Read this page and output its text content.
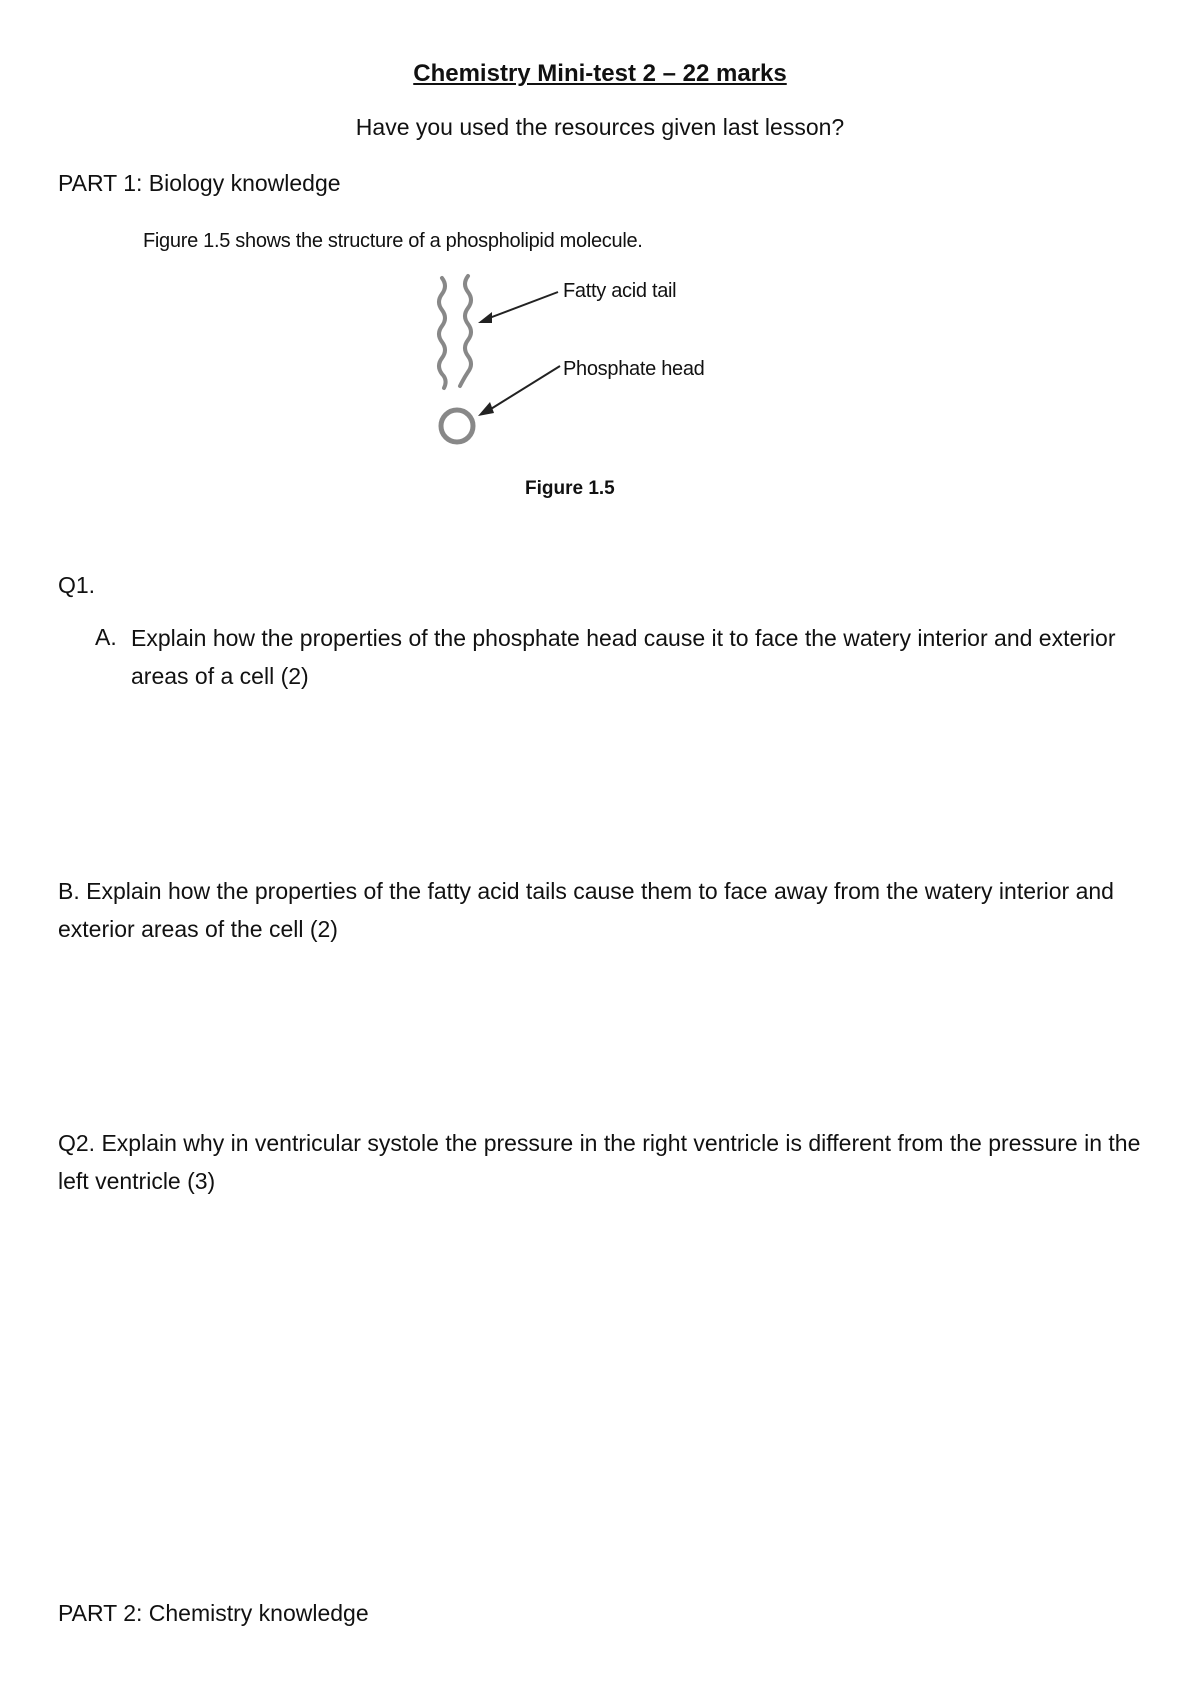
Chemistry Mini-test 2 – 22 marks
Have you used the resources given last lesson?
PART 1: Biology knowledge
Figure 1.5 shows the structure of a phospholipid molecule.
Fatty acid tail
Phosphate head
Figure 1.5
Q1.
A. Explain how the properties of the phosphate head cause it to face the watery interior and exterior areas of a cell (2)
B. Explain how the properties of the fatty acid tails cause them to face away from the watery interior and exterior areas of the cell (2)
Q2. Explain why in ventricular systole the pressure in the right ventricle is different from the pressure in the left ventricle (3)
PART 2: Chemistry knowledge
